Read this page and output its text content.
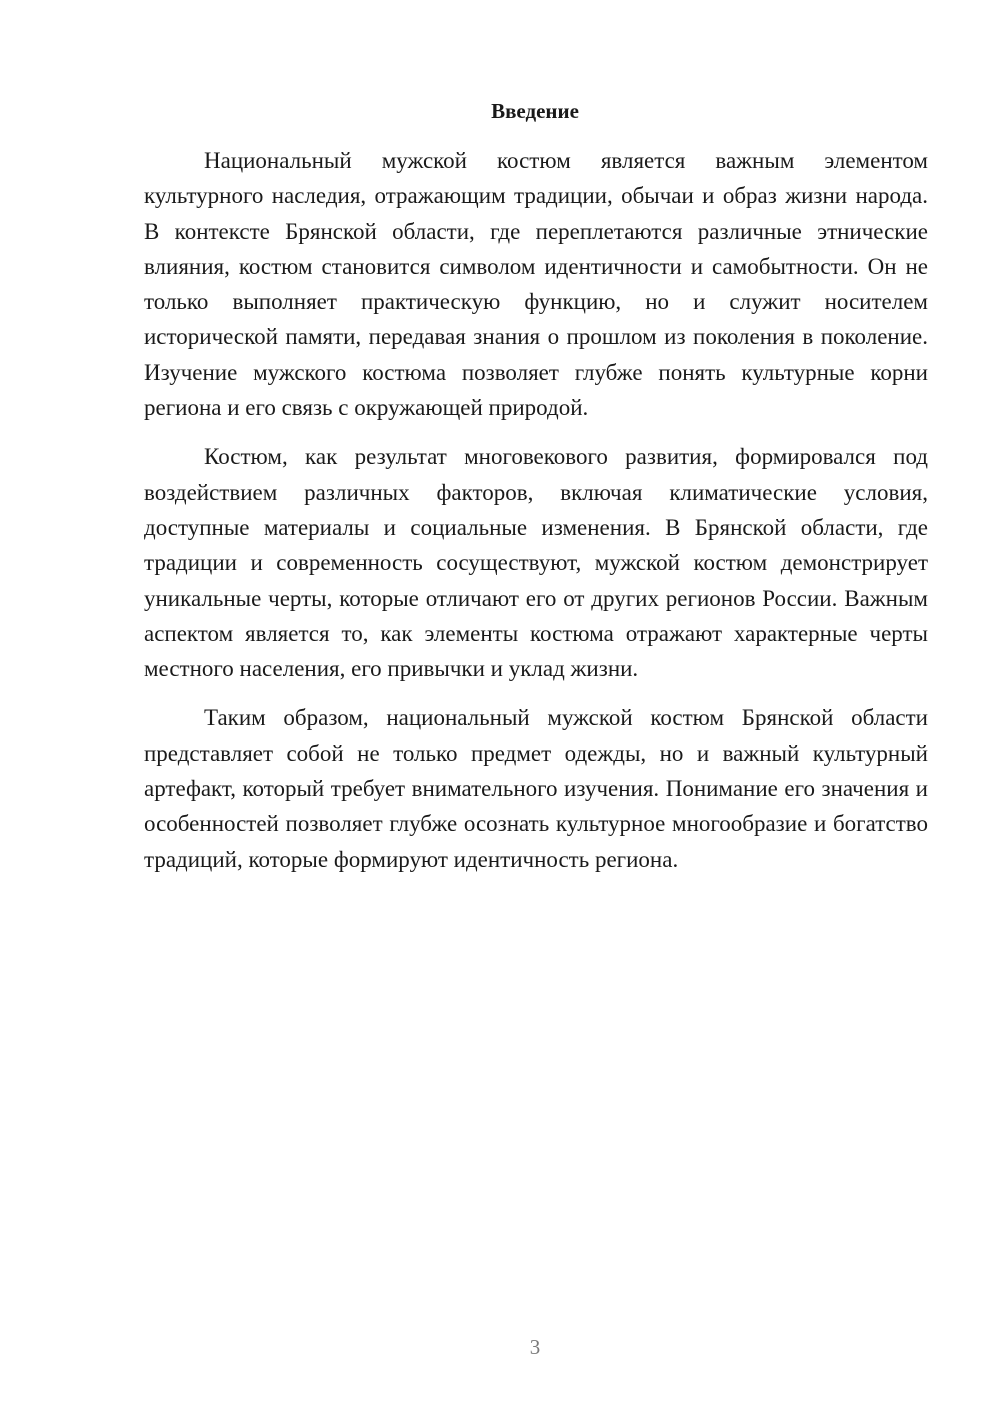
Введение

Национальный мужской костюм является важным элементом культурного наследия, отражающим традиции, обычаи и образ жизни народа. В контексте Брянской области, где переплетаются различные этнические влияния, костюм становится символом идентичности и самобытности. Он не только выполняет практическую функцию, но и служит носителем исторической памяти, передавая знания о прошлом из поколения в поколение. Изучение мужского костюма позволяет глубже понять культурные корни региона и его связь с окружающей природой.

Костюм, как результат многовекового развития, формировался под воздействием различных факторов, включая климатические условия, доступные материалы и социальные изменения. В Брянской области, где традиции и современность сосуществуют, мужской костюм демонстрирует уникальные черты, которые отличают его от других регионов России. Важным аспектом является то, как элементы костюма отражают характерные черты местного населения, его привычки и уклад жизни.

Таким образом, национальный мужской костюм Брянской области представляет собой не только предмет одежды, но и важный культурный артефакт, который требует внимательного изучения. Понимание его значения и особенностей позволяет глубже осознать культурное многообразие и богатство традиций, которые формируют идентичность региона.

3
